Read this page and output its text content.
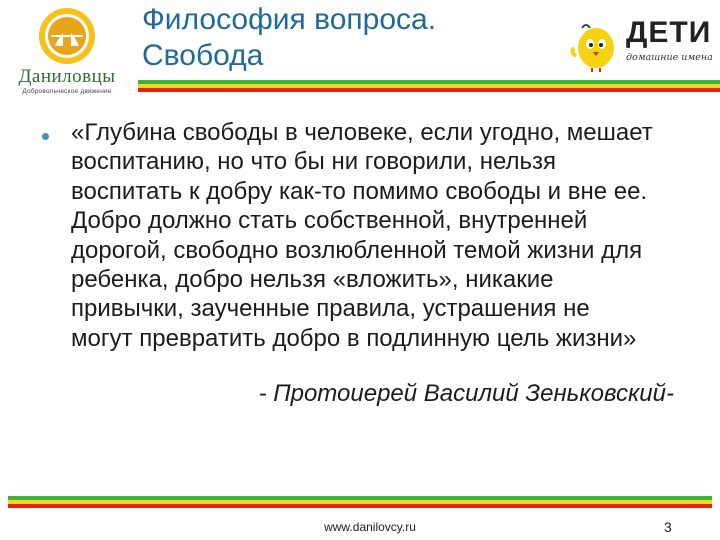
Даниловцы
Добровольческое движение
Философия вопроса.
Свобода
ДЕТИ
домашние имена
«Глубина свободы в человеке, если угодно, мешает
воспитанию, но что бы ни говорили, нельзя
воспитать к добру как-то помимо свободы и вне ее.
Добро должно стать собственной, внутренней
дорогой, свободно возлюбленной темой жизни для
ребенка, добро нельзя «вложить», никакие
привычки, заученные правила, устрашения не
могут превратить добро в подлинную цель жизни»
- Протоиерей Василий Зеньковский-
www.danilovcy.ru	3
